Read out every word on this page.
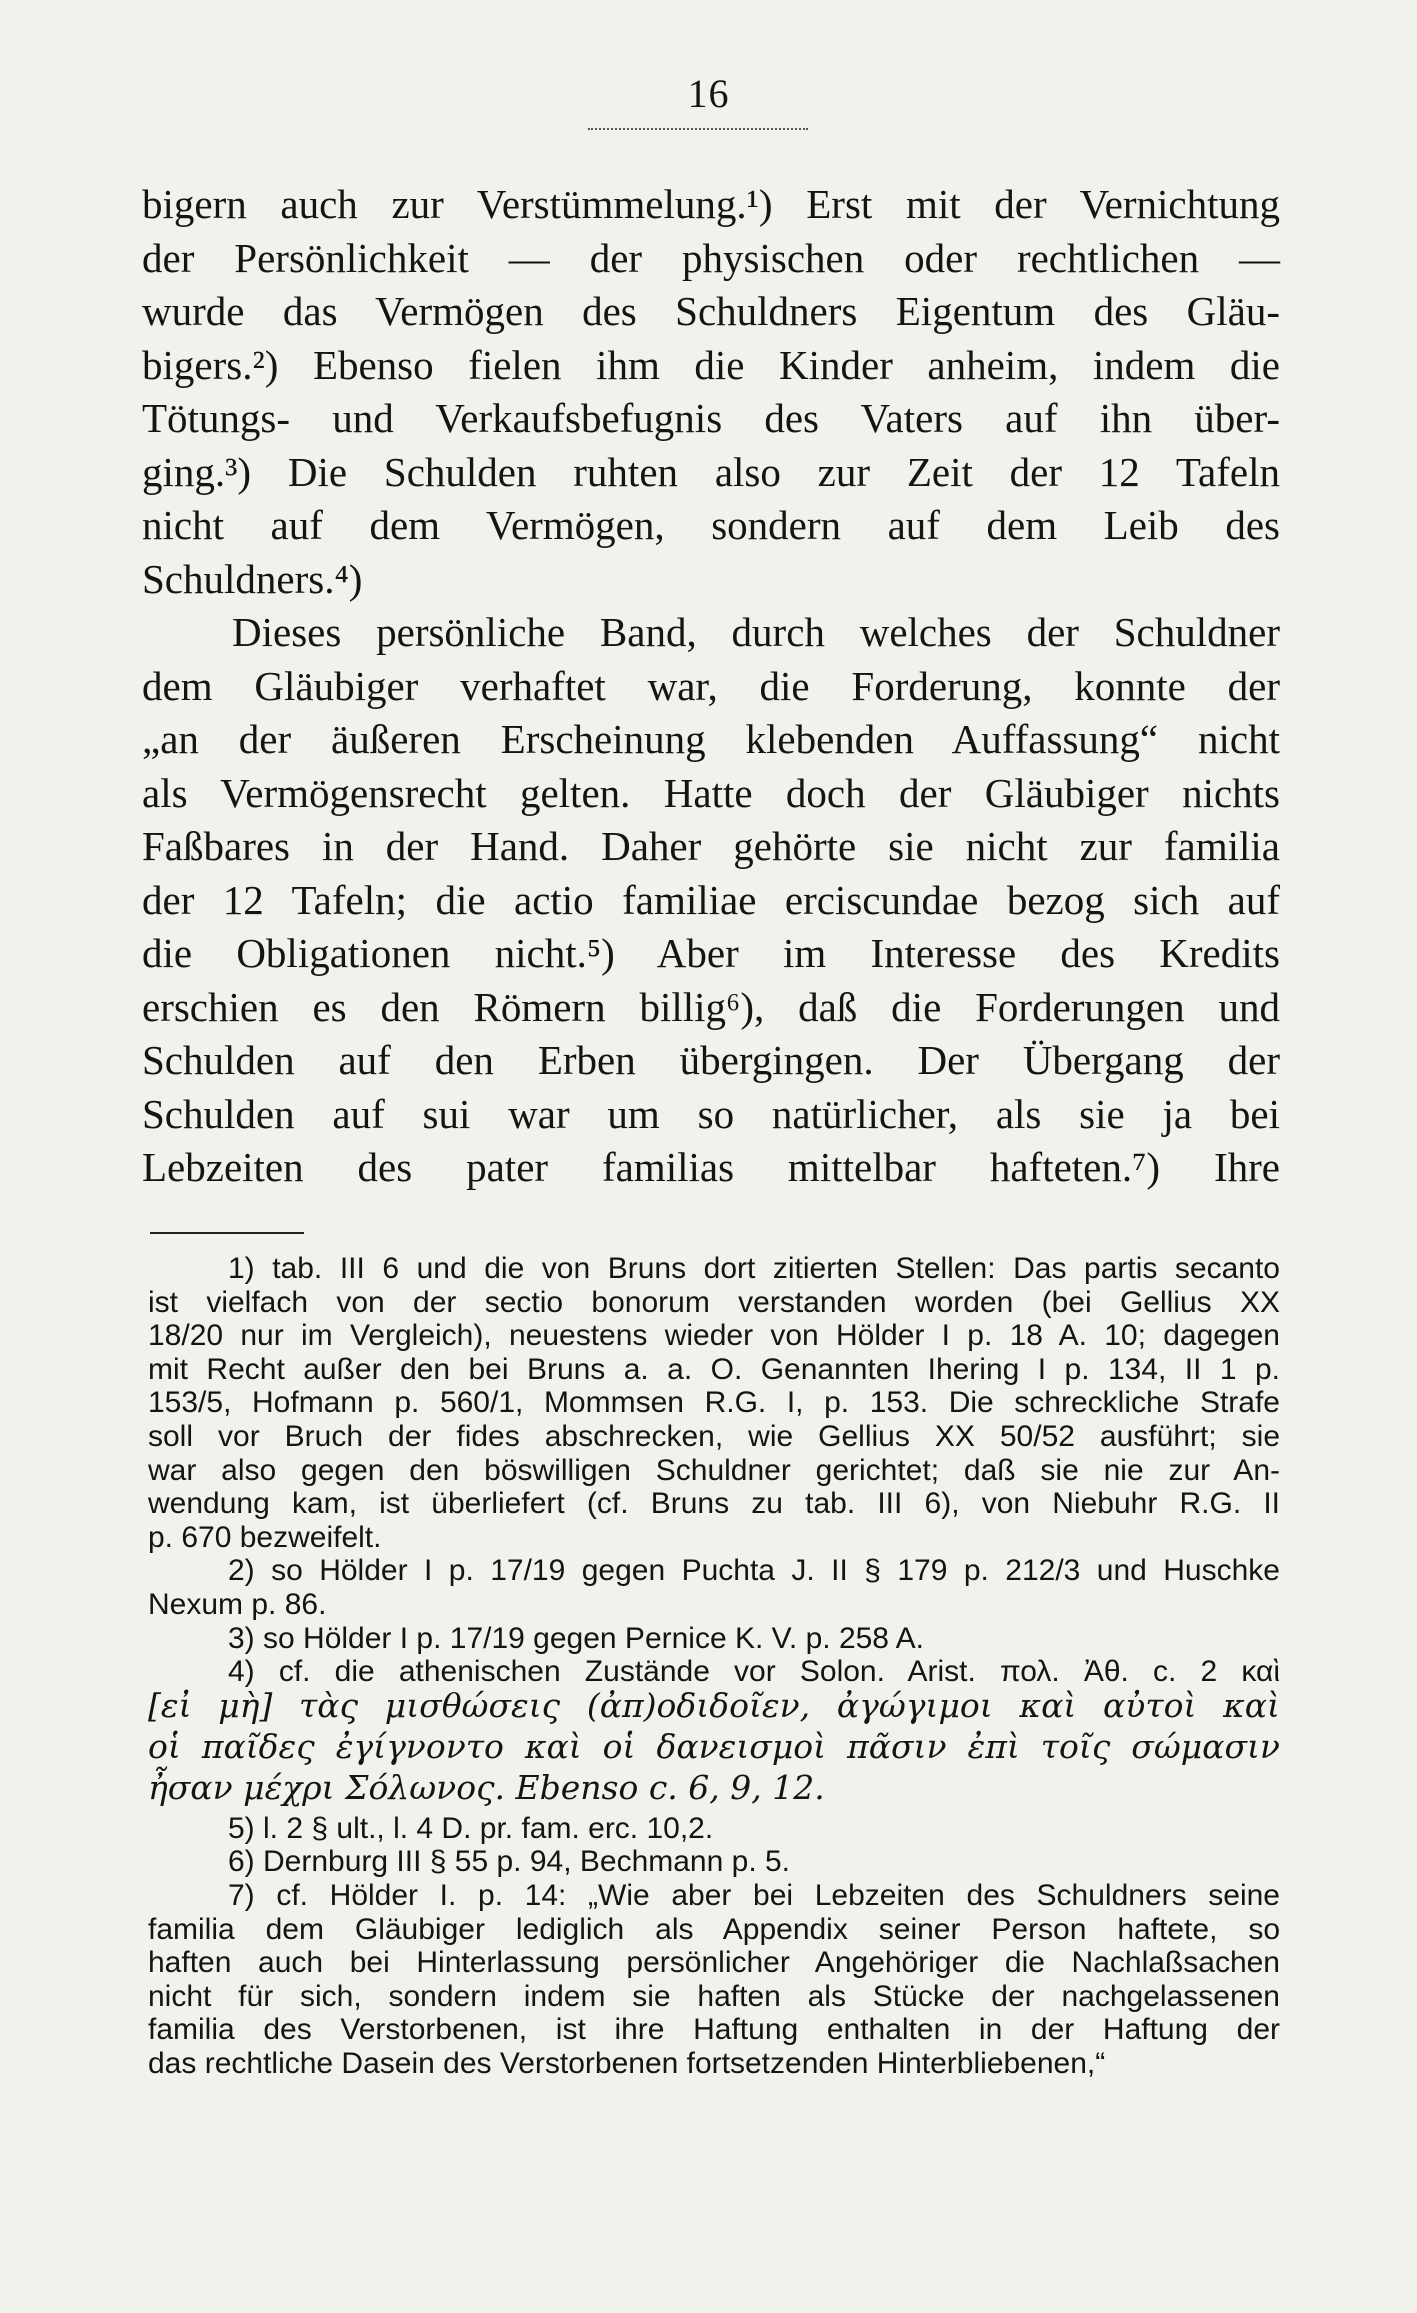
16
bigern auch zur Verstümmelung.¹) Erst mit der Vernichtung
der Persönlichkeit — der physischen oder rechtlichen —
wurde das Vermögen des Schuldners Eigentum des Gläu-
bigers.²) Ebenso fielen ihm die Kinder anheim, indem die
Tötungs- und Verkaufsbefugnis des Vaters auf ihn über-
ging.³) Die Schulden ruhten also zur Zeit der 12 Tafeln
nicht auf dem Vermögen, sondern auf dem Leib des
Schuldners.⁴)
Dieses persönliche Band, durch welches der Schuldner
dem Gläubiger verhaftet war, die Forderung, konnte der
„an der äußeren Erscheinung klebenden Auffassung“ nicht
als Vermögensrecht gelten. Hatte doch der Gläubiger nichts
Faßbares in der Hand. Daher gehörte sie nicht zur familia
der 12 Tafeln; die actio familiae erciscundae bezog sich auf
die Obligationen nicht.⁵) Aber im Interesse des Kredits
erschien es den Römern billig⁶), daß die Forderungen und
Schulden auf den Erben übergingen. Der Übergang der
Schulden auf sui war um so natürlicher, als sie ja bei
Lebzeiten des pater familias mittelbar hafteten.⁷) Ihre
1) tab. III 6 und die von Bruns dort zitierten Stellen: Das partis secanto
ist vielfach von der sectio bonorum verstanden worden (bei Gellius XX
18/20 nur im Vergleich), neuestens wieder von Hölder I p. 18 A. 10; dagegen
mit Recht außer den bei Bruns a. a. O. Genannten Ihering I p. 134, II 1 p.
153/5, Hofmann p. 560/1, Mommsen R.G. I, p. 153. Die schreckliche Strafe
soll vor Bruch der fides abschrecken, wie Gellius XX 50/52 ausführt; sie
war also gegen den böswilligen Schuldner gerichtet; daß sie nie zur An-
wendung kam, ist überliefert (cf. Bruns zu tab. III 6), von Niebuhr R.G. II
p. 670 bezweifelt.
2) so Hölder I p. 17/19 gegen Puchta J. II § 179 p. 212/3 und Huschke
Nexum p. 86.
3) so Hölder I p. 17/19 gegen Pernice K. V. p. 258 A.
4) cf. die athenischen Zustände vor Solon. Arist. πολ. Ἀθ. c. 2 καὶ
[εἰ μὴ] τὰς μισθώσεις (ἀπ)οδιδοῖεν, ἀγώγιμοι καὶ αὐτοὶ καὶ
οἱ παῖδες ἐγίγνοντο καὶ οἱ δανεισμοὶ πᾶσιν ἐπὶ τοῖς σώμασιν
ἦσαν μέχρι Σόλωνος. Ebenso c. 6, 9, 12.
5) l. 2 § ult., l. 4 D. pr. fam. erc. 10,2.
6) Dernburg III § 55 p. 94, Bechmann p. 5.
7) cf. Hölder I. p. 14: „Wie aber bei Lebzeiten des Schuldners seine
familia dem Gläubiger lediglich als Appendix seiner Person haftete, so
haften auch bei Hinterlassung persönlicher Angehöriger die Nachlaßsachen
nicht für sich, sondern indem sie haften als Stücke der nachgelassenen
familia des Verstorbenen, ist ihre Haftung enthalten in der Haftung der
das rechtliche Dasein des Verstorbenen fortsetzenden Hinterbliebenen,“
